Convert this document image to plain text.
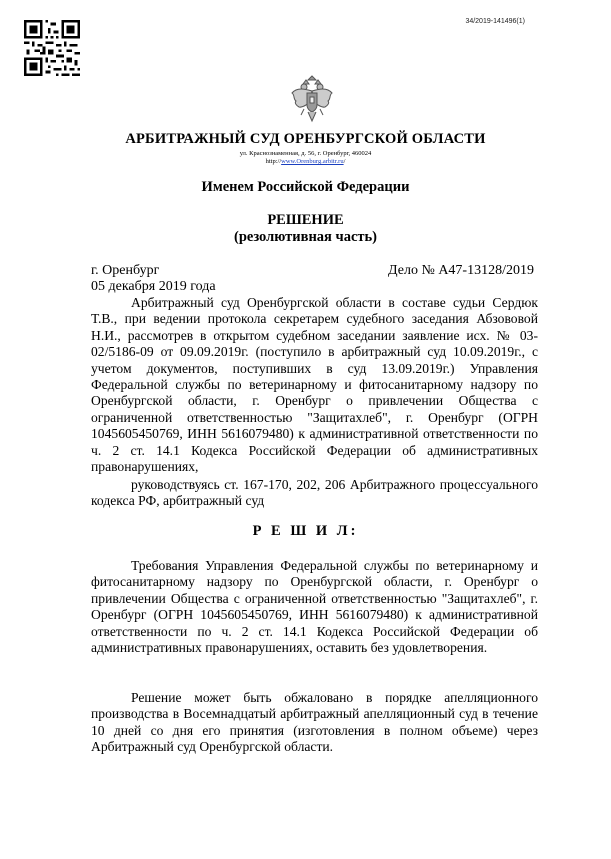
34/2019-141496(1)
АРБИТРАЖНЫЙ СУД ОРЕНБУРГСКОЙ ОБЛАСТИ
ул. Краснознаменная, д. 56, г. Оренбург, 460024
http://www.Orenburg.arbitr.ru/
Именем Российской Федерации
РЕШЕНИЕ
(резолютивная часть)
г. Оренбург	Дело № А47-13128/2019
05 декабря 2019 года

Арбитражный суд Оренбургской области в составе судьи Сердюк Т.В., при ведении протокола секретарем судебного заседания Абзововой Н.И., рассмотрев в открытом судебном заседании заявление исх. № 03-02/5186-09 от 09.09.2019г. (поступило в арбитражный суд 10.09.2019г., с учетом документов, поступивших в суд 13.09.2019г.) Управления Федеральной службы по ветеринарному и фитосанитарному надзору по Оренбургской области, г. Оренбург о привлечении Общества с ограниченной ответственностью "Защитахлеб", г. Оренбург (ОГРН 1045605450769, ИНН 5616079480) к административной ответственности по ч. 2 ст. 14.1 Кодекса Российской Федерации об административных правонарушениях,

руководствуясь ст. 167-170, 202, 206 Арбитражного процессуального кодекса РФ, арбитражный суд

Р Е Ш И Л:

Требования Управления Федеральной службы по ветеринарному и фитосанитарному надзору по Оренбургской области, г. Оренбург о привлечении Общества с ограниченной ответственностью "Защитахлеб", г. Оренбург (ОГРН 1045605450769, ИНН 5616079480) к административной ответственности по ч. 2 ст. 14.1 Кодекса Российской Федерации об административных правонарушениях, оставить без удовлетворения.

Решение может быть обжаловано в порядке апелляционного производства в Восемнадцатый арбитражный апелляционный суд в течение 10 дней со дня его принятия (изготовления в полном объеме) через Арбитражный суд Оренбургской области.
